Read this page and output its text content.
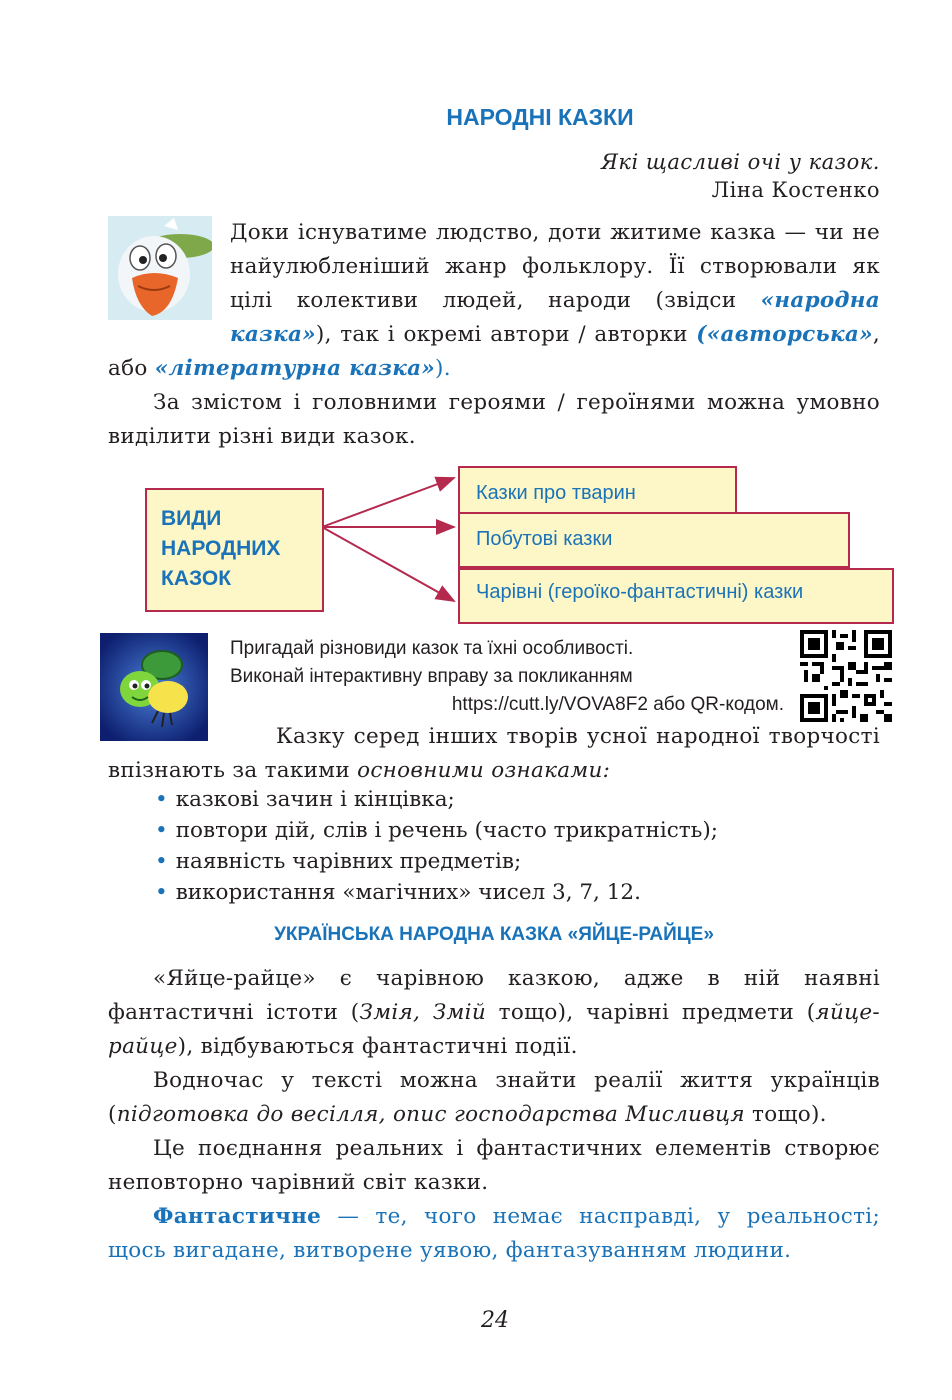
НАРОДНІ КАЗКИ
Які щасливі очі у казок.
Ліна Костенко
Доки існуватиме людство, доти житиме казка — чи не найулюбленіший жанр фольклору. Її створювали як цілі колективи людей, народи (звідси «народна казка»), так і окремі автори / авторки («авторська», або «літературна казка»).
За змістом і головними героями / героїнями можна умовно виділити різні види казок.
ВИДИ НАРОДНИХ КАЗОК
Казки про тварин
Побутові казки
Чарівні (героїко-фантастичні) казки
Пригадай різновиди казок та їхні особливості.
Виконай інтерактивну вправу за покликанням
https://cutt.ly/VOVA8F2 або QR-кодом.
Казку серед інших творів усної народної творчості впізнають за такими основними ознаками:
• казкові зачин і кінцівка;
• повтори дій, слів і речень (часто трикратність);
• наявність чарівних предметів;
• використання «магічних» чисел 3, 7, 12.
УКРАЇНСЬКА НАРОДНА КАЗКА «ЯЙЦЕ-РАЙЦЕ»
«Яйце-райце» є чарівною казкою, адже в ній наявні фантастичні істоти (Змія, Змій тощо), чарівні предмети (яйце-райце), відбуваються фантастичні події.
Водночас у тексті можна знайти реалії життя українців (підготовка до весілля, опис господарства Мисливця тощо).
Це поєднання реальних і фантастичних елементів створює неповторно чарівний світ казки.
Фантастичне — те, чого немає насправді, у реальності; щось вигадане, витворене уявою, фантазуванням людини.
24
